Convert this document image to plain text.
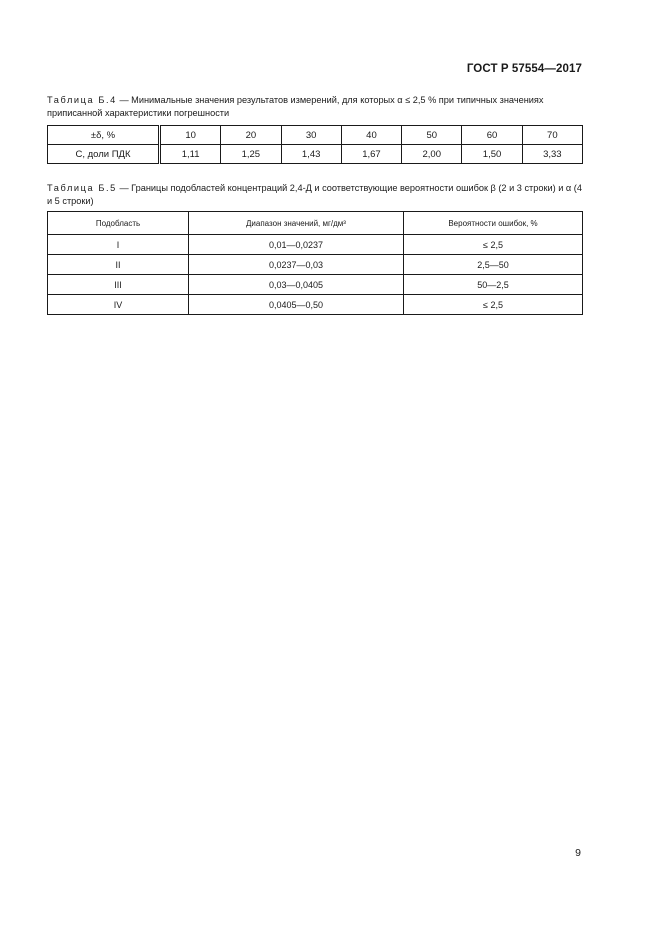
ГОСТ Р 57554—2017
Таблица Б.4 — Минимальные значения результатов измерений, для которых α ≤ 2,5 % при типичных значениях приписанной характеристики погрешности
±δ, %	10	20	30	40	50	60	70
C, доли ПДК	1,11	1,25	1,43	1,67	2,00	1,50	3,33
Таблица Б.5 — Границы подобластей концентраций 2,4-Д и соответствующие вероятности ошибок β (2 и 3 строки) и α (4 и 5 строки)
Подобласть	Диапазон значений, мг/дм³	Вероятности ошибок, %
I	0,01—0,0237	≤ 2,5
II	0,0237—0,03	2,5—50
III	0,03—0,0405	50—2,5
IV	0,0405—0,50	≤ 2,5
9
